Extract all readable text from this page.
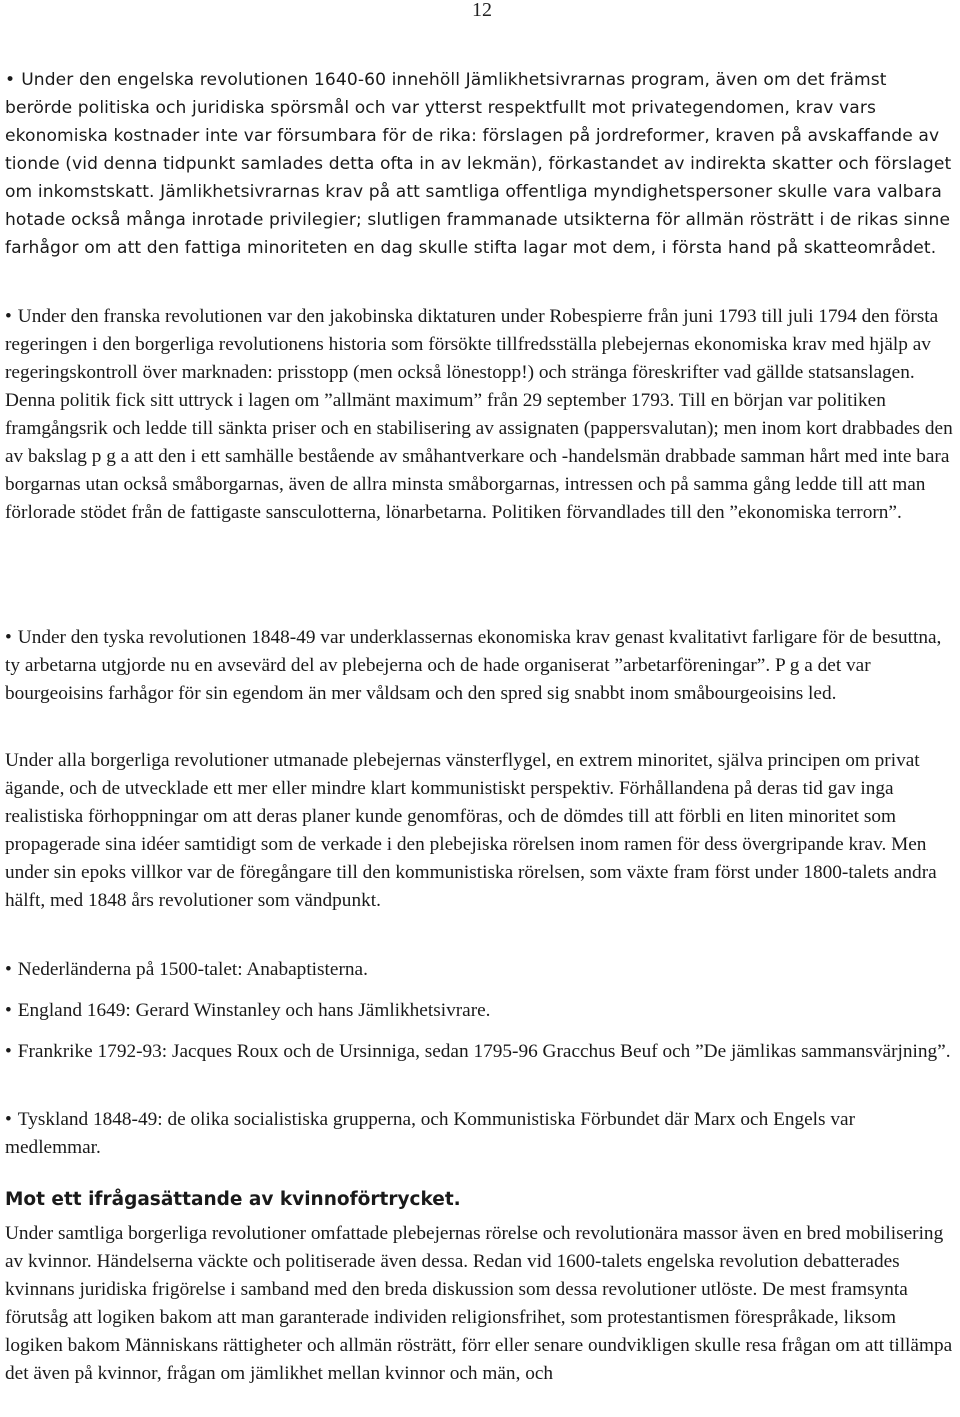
12

• Under den engelska revolutionen 1640-60 innehöll Jämlikhetsivrarnas program, även om det främst berörde politiska och juridiska spörsmål och var ytterst respektfullt mot privategendomen, krav vars ekonomiska kostnader inte var försumbara för de rika: förslagen på jordreformer, kraven på avskaffande av tionde (vid denna tidpunkt samlades detta ofta in av lekmän), förkastandet av indirekta skatter och förslaget om inkomstskatt. Jämlikhetsivrarnas krav på att samtliga offentliga myndighetspersoner skulle vara valbara hotade också många inrotade privilegier; slutligen frammanade utsikterna för allmän rösträtt i de rikas sinne farhågor om att den fattiga minoriteten en dag skulle stifta lagar mot dem, i första hand på skatteområdet.

• Under den franska revolutionen var den jakobinska diktaturen under Robespierre från juni 1793 till juli 1794 den första regeringen i den borgerliga revolutionens historia som försökte tillfredsställa plebejernas ekonomiska krav med hjälp av regeringskontroll över marknaden: prisstopp (men också lönestopp!) och stränga föreskrifter vad gällde statsanslagen. Denna politik fick sitt uttryck i lagen om ”allmänt maximum” från 29 september 1793. Till en början var politiken framgångsrik och ledde till sänkta priser och en stabilisering av assignaten (pappersvalutan); men inom kort drabbades den av bakslag p g a att den i ett samhälle bestående av småhantverkare och -handelsmän drabbade samman hårt med inte bara borgarnas utan också småborgarnas, även de allra minsta småborgarnas, intressen och på samma gång ledde till att man förlorade stödet från de fattigaste sansculotterna, lönarbetarna. Politiken förvandlades till den ”ekonomiska terrorn”.

• Under den tyska revolutionen 1848-49 var underklassernas ekonomiska krav genast kvalitativt farligare för de besuttna, ty arbetarna utgjorde nu en avsevärd del av plebejerna och de hade organiserat ”arbetarföreningar”. P g a det var bourgeoisins farhågor för sin egendom än mer våldsam och den spred sig snabbt inom småbourgeoisins led.

Under alla borgerliga revolutioner utmanade plebejernas vänsterflygel, en extrem minoritet, själva principen om privat ägande, och de utvecklade ett mer eller mindre klart kommunistiskt perspektiv. Förhållandena på deras tid gav inga realistiska förhoppningar om att deras planer kunde genomföras, och de dömdes till att förbli en liten minoritet som propagerade sina idéer samtidigt som de verkade i den plebejiska rörelsen inom ramen för dess övergripande krav. Men under sin epoks villkor var de föregångare till den kommunistiska rörelsen, som växte fram först under 1800-talets andra hälft, med 1848 års revolutioner som vändpunkt.

• Nederländerna på 1500-talet: Anabaptisterna.

• England 1649: Gerard Winstanley och hans Jämlikhetsivrare.

• Frankrike 1792-93: Jacques Roux och de Ursinniga, sedan 1795-96 Gracchus Beuf och ”De jämlikas sammansvärjning”.

• Tyskland 1848-49: de olika socialistiska grupperna, och Kommunistiska Förbundet där Marx och Engels var medlemmar.

Mot ett ifrågasättande av kvinnoförtrycket.

Under samtliga borgerliga revolutioner omfattade plebejernas rörelse och revolutionära massor även en bred mobilisering av kvinnor. Händelserna väckte och politiserade även dessa. Redan vid 1600-talets engelska revolution debatterades kvinnans juridiska frigörelse i samband med den breda diskussion som dessa revolutioner utlöste. De mest framsynta förutsåg att logiken bakom att man garanterade individen religionsfrihet, som protestantismen förespråkade, liksom logiken bakom Människans rättigheter och allmän rösträtt, förr eller senare oundvikligen skulle resa frågan om att tillämpa det även på kvinnor, frågan om jämlikhet mellan kvinnor och män, och
